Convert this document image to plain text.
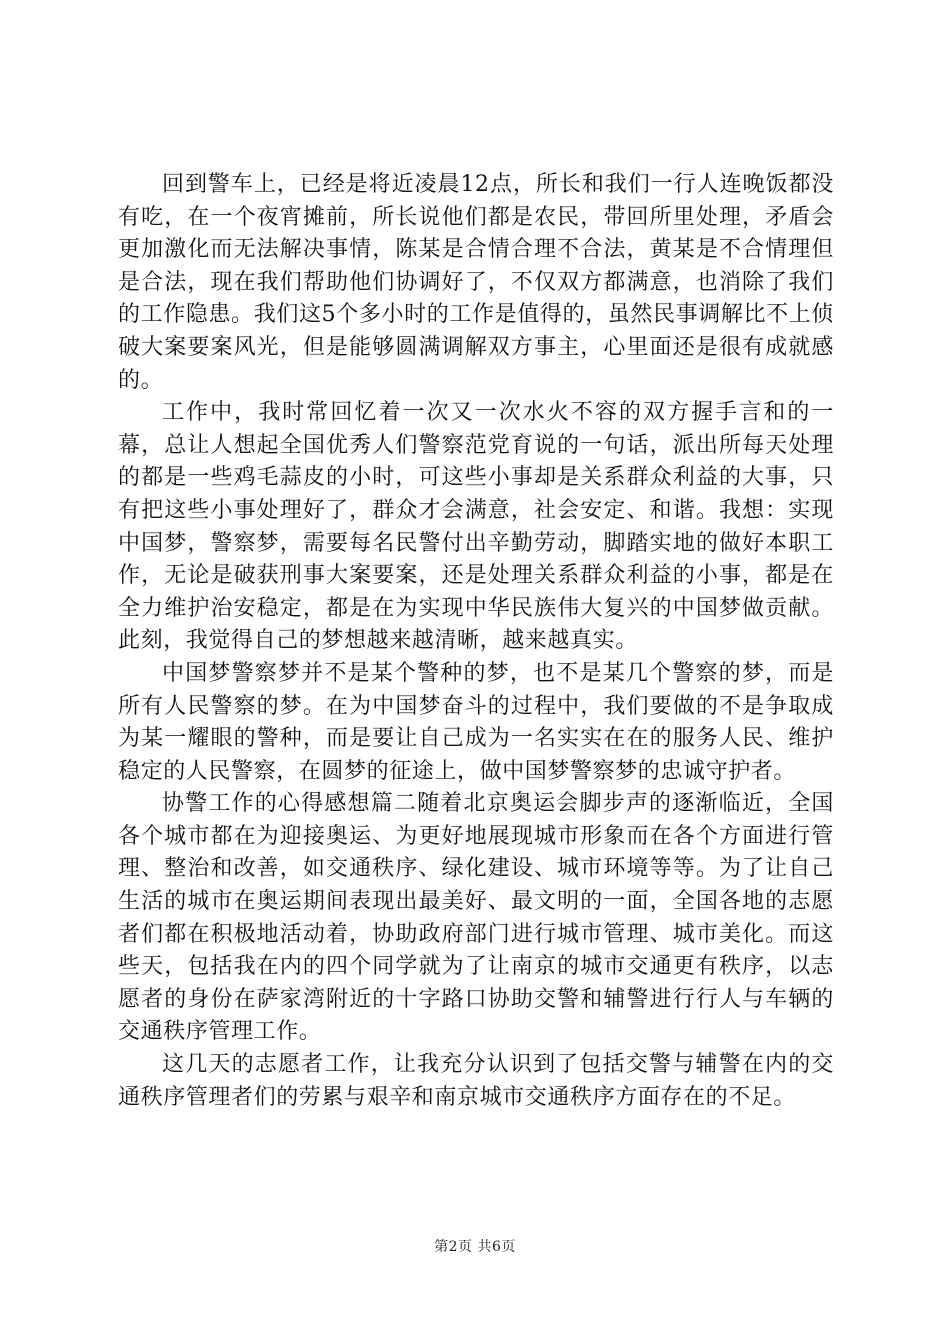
回到警车上，已经是将近凌晨12点，所长和我们一行人连晚饭都没有吃，在一个夜宵摊前，所长说他们都是农民，带回所里处理，矛盾会更加激化而无法解决事情，陈某是合情合理不合法，黄某是不合情理但是合法，现在我们帮助他们协调好了，不仅双方都满意，也消除了我们的工作隐患。我们这5个多小时的工作是值得的，虽然民事调解比不上侦破大案要案风光，但是能够圆满调解双方事主，心里面还是很有成就感的。

工作中，我时常回忆着一次又一次水火不容的双方握手言和的一幕，总让人想起全国优秀人们警察范党育说的一句话，派出所每天处理的都是一些鸡毛蒜皮的小时，可这些小事却是关系群众利益的大事，只有把这些小事处理好了，群众才会满意，社会安定、和谐。我想：实现中国梦，警察梦，需要每名民警付出辛勤劳动，脚踏实地的做好本职工作，无论是破获刑事大案要案，还是处理关系群众利益的小事，都是在全力维护治安稳定，都是在为实现中华民族伟大复兴的中国梦做贡献。此刻，我觉得自己的梦想越来越清晰，越来越真实。

中国梦警察梦并不是某个警种的梦，也不是某几个警察的梦，而是所有人民警察的梦。在为中国梦奋斗的过程中，我们要做的不是争取成为某一耀眼的警种，而是要让自己成为一名实实在在的服务人民、维护稳定的人民警察，在圆梦的征途上，做中国梦警察梦的忠诚守护者。

协警工作的心得感想篇二随着北京奥运会脚步声的逐渐临近，全国各个城市都在为迎接奥运、为更好地展现城市形象而在各个方面进行管理、整治和改善，如交通秩序、绿化建设、城市环境等等。为了让自己生活的城市在奥运期间表现出最美好、最文明的一面，全国各地的志愿者们都在积极地活动着，协助政府部门进行城市管理、城市美化。而这些天，包括我在内的四个同学就为了让南京的城市交通更有秩序，以志愿者的身份在萨家湾附近的十字路口协助交警和辅警进行行人与车辆的交通秩序管理工作。

这几天的志愿者工作，让我充分认识到了包括交警与辅警在内的交通秩序管理者们的劳累与艰辛和南京城市交通秩序方面存在的不足。

第2页 共6页
